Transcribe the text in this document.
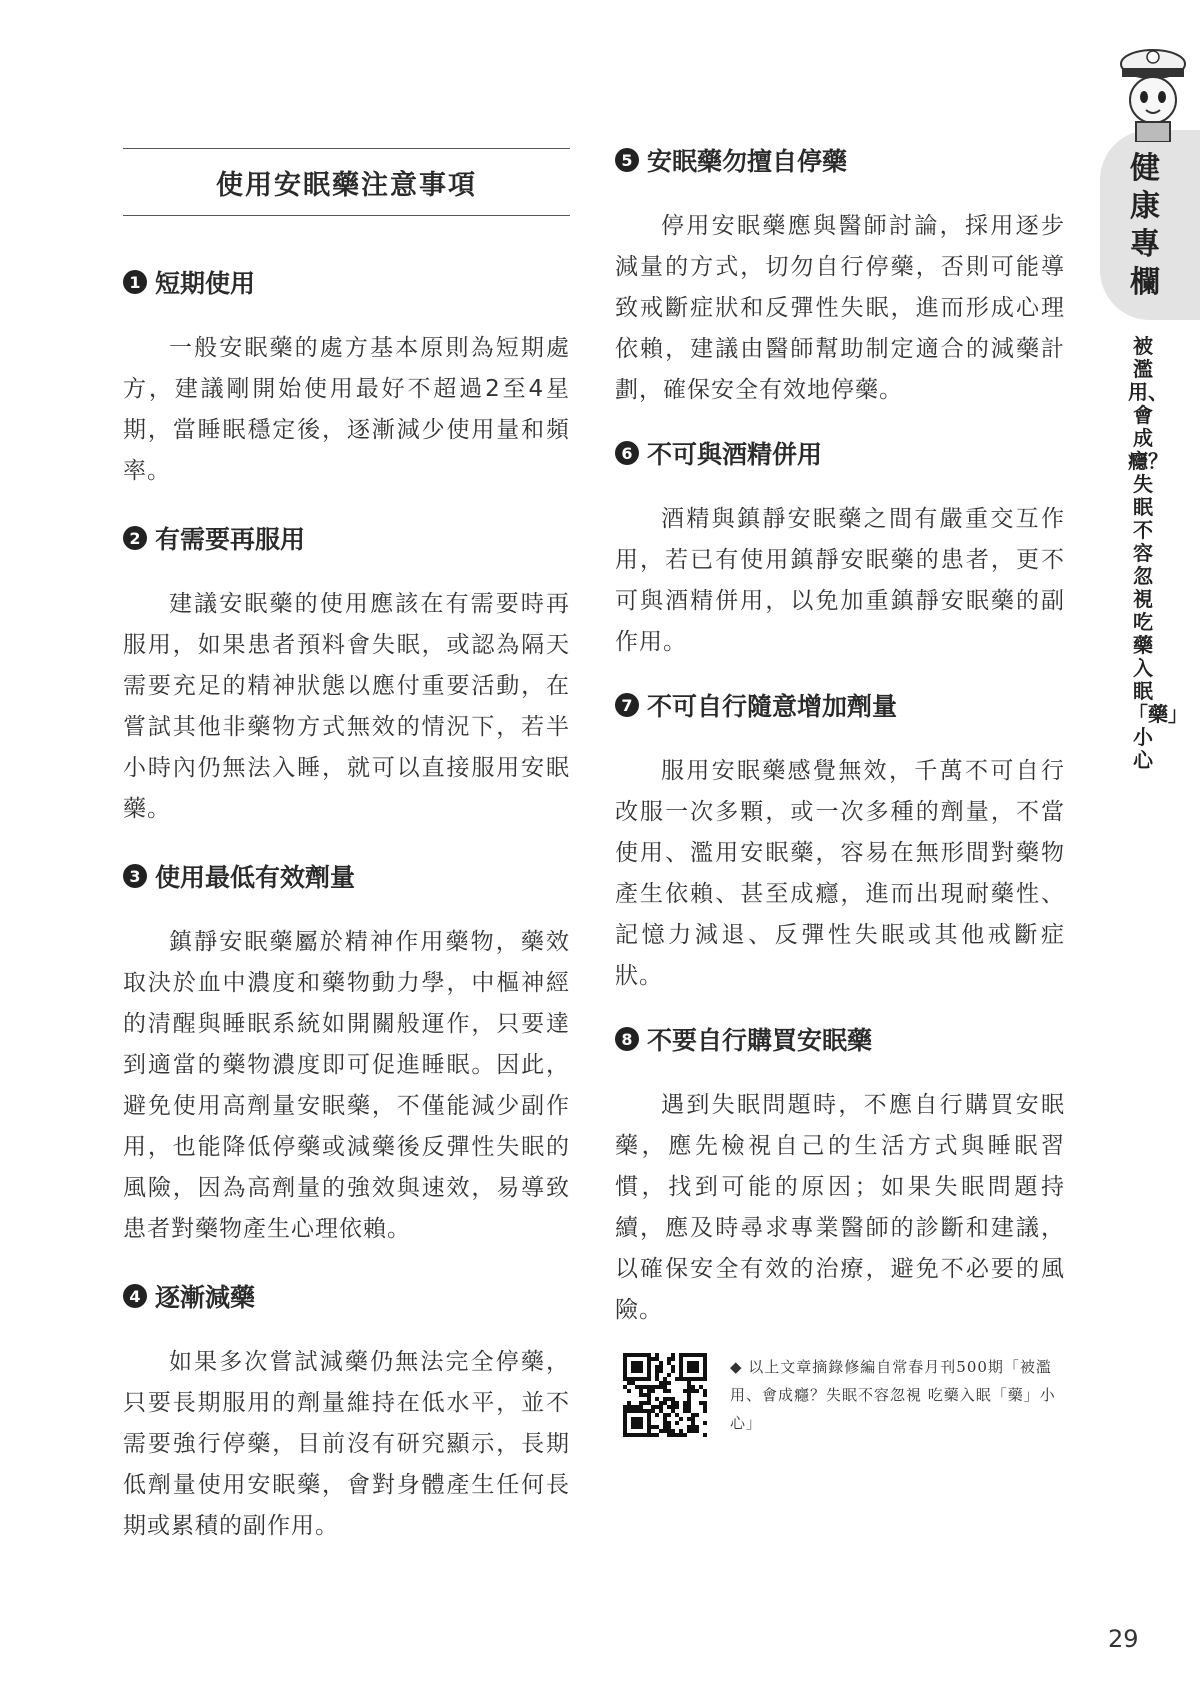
健康專欄
被濫用、會成癮？失眠不容忽視 吃藥入眠「藥」小心
使用安眠藥注意事項
1 短期使用

一般安眠藥的處方基本原則為短期處方，建議剛開始使用最好不超過2至4星期，當睡眠穩定後，逐漸減少使用量和頻率。

2 有需要再服用

建議安眠藥的使用應該在有需要時再服用，如果患者預料會失眠，或認為隔天需要充足的精神狀態以應付重要活動，在嘗試其他非藥物方式無效的情況下，若半小時內仍無法入睡，就可以直接服用安眠藥。

3 使用最低有效劑量

鎮靜安眠藥屬於精神作用藥物，藥效取決於血中濃度和藥物動力學，中樞神經的清醒與睡眠系統如開關般運作，只要達到適當的藥物濃度即可促進睡眠。因此，避免使用高劑量安眠藥，不僅能減少副作用，也能降低停藥或減藥後反彈性失眠的風險，因為高劑量的強效與速效，易導致患者對藥物產生心理依賴。

4 逐漸減藥

如果多次嘗試減藥仍無法完全停藥，只要長期服用的劑量維持在低水平，並不需要強行停藥，目前沒有研究顯示，長期低劑量使用安眠藥，會對身體產生任何長期或累積的副作用。

5 安眠藥勿擅自停藥

停用安眠藥應與醫師討論，採用逐步減量的方式，切勿自行停藥，否則可能導致戒斷症狀和反彈性失眠，進而形成心理依賴，建議由醫師幫助制定適合的減藥計劃，確保安全有效地停藥。

6 不可與酒精併用

酒精與鎮靜安眠藥之間有嚴重交互作用，若已有使用鎮靜安眠藥的患者，更不可與酒精併用，以免加重鎮靜安眠藥的副作用。

7 不可自行隨意增加劑量

服用安眠藥感覺無效，千萬不可自行改服一次多顆，或一次多種的劑量，不當使用、濫用安眠藥，容易在無形間對藥物產生依賴、甚至成癮，進而出現耐藥性、記憶力減退、反彈性失眠或其他戒斷症狀。

8 不要自行購買安眠藥

遇到失眠問題時，不應自行購買安眠藥，應先檢視自己的生活方式與睡眠習慣，找到可能的原因；如果失眠問題持續，應及時尋求專業醫師的診斷和建議，以確保安全有效的治療，避免不必要的風險。

◆ 以上文章摘錄修編自常春月刊500期「被濫用、會成癮？失眠不容忽視 吃藥入眠「藥」小心」
29
